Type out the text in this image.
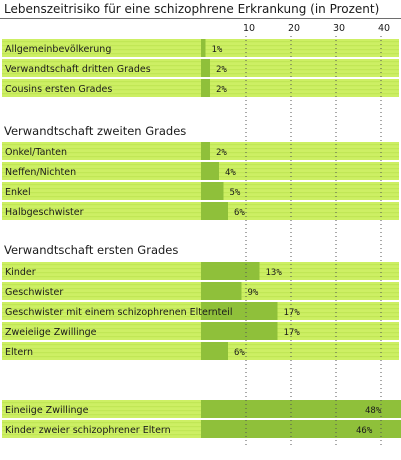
Lebenszeitrisiko für eine schizophrene Erkrankung (in Prozent)
10	20	30	40
Allgemeinbevölkerung	1%
Verwandtschaft dritten Grades	2%
Cousins ersten Grades	2%
Verwandtschaft zweiten Grades
Onkel/Tanten	2%
Neffen/Nichten	4%
Enkel	5%
Halbgeschwister	6%
Verwandtschaft ersten Grades
Kinder	13%
Geschwister	9%
Geschwister mit einem schizophrenen Elternteil	17%
Zweieiige Zwillinge	17%
Eltern	6%
Eineiige Zwillinge	48%
Kinder zweier schizophrener Eltern	46%
